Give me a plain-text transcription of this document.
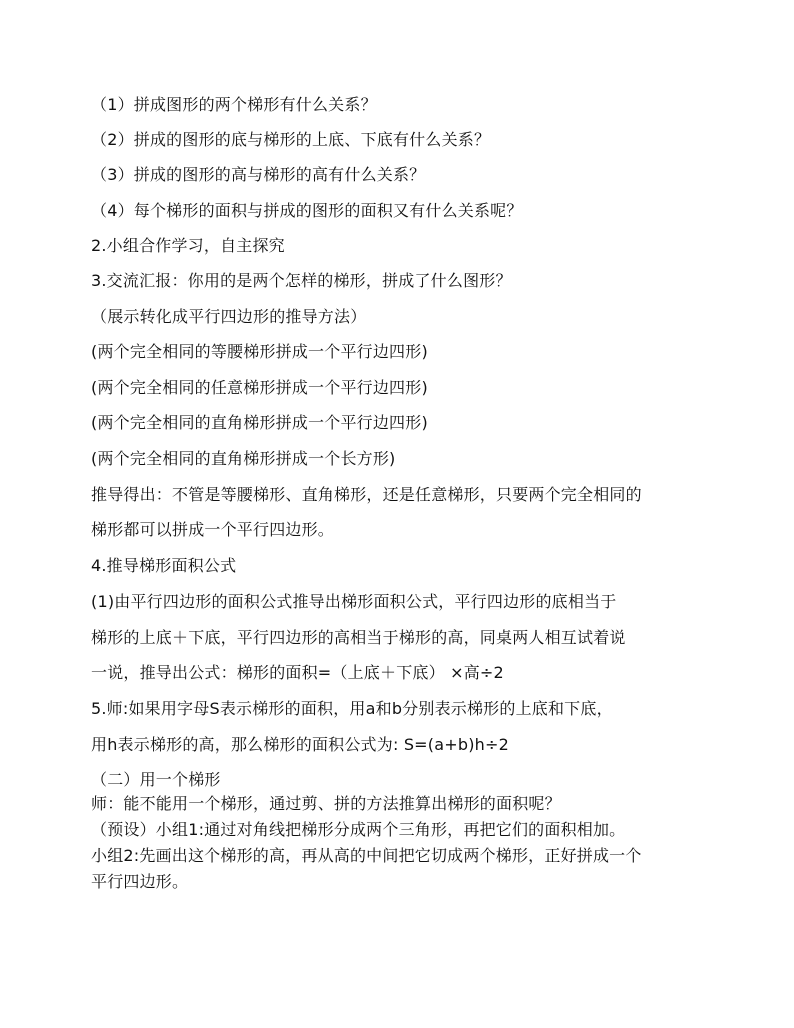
（1）拼成图形的两个梯形有什么关系？
（2）拼成的图形的底与梯形的上底、下底有什么关系？
（3）拼成的图形的高与梯形的高有什么关系？
（4）每个梯形的面积与拼成的图形的面积又有什么关系呢？
2.小组合作学习，自主探究
3.交流汇报：你用的是两个怎样的梯形，拼成了什么图形？
（展示转化成平行四边形的推导方法）
(两个完全相同的等腰梯形拼成一个平行边四形)
(两个完全相同的任意梯形拼成一个平行边四形)
(两个完全相同的直角梯形拼成一个平行边四形)
(两个完全相同的直角梯形拼成一个长方形)
推导得出：不管是等腰梯形、直角梯形，还是任意梯形，只要两个完全相同的
梯形都可以拼成一个平行四边形。
4.推导梯形面积公式
(1)由平行四边形的面积公式推导出梯形面积公式，平行四边形的底相当于
梯形的上底＋下底，平行四边形的高相当于梯形的高，同桌两人相互试着说
一说，推导出公式：梯形的面积=（上底＋下底） ×高÷2
5.师:如果用字母S表示梯形的面积，用a和b分别表示梯形的上底和下底，
用h表示梯形的高，那么梯形的面积公式为: S=(a+b)h÷2
（二）用一个梯形
师：能不能用一个梯形，通过剪、拼的方法推算出梯形的面积呢？
（预设）小组1:通过对角线把梯形分成两个三角形，再把它们的面积相加。
小组2:先画出这个梯形的高，再从高的中间把它切成两个梯形，正好拼成一个
平行四边形。
